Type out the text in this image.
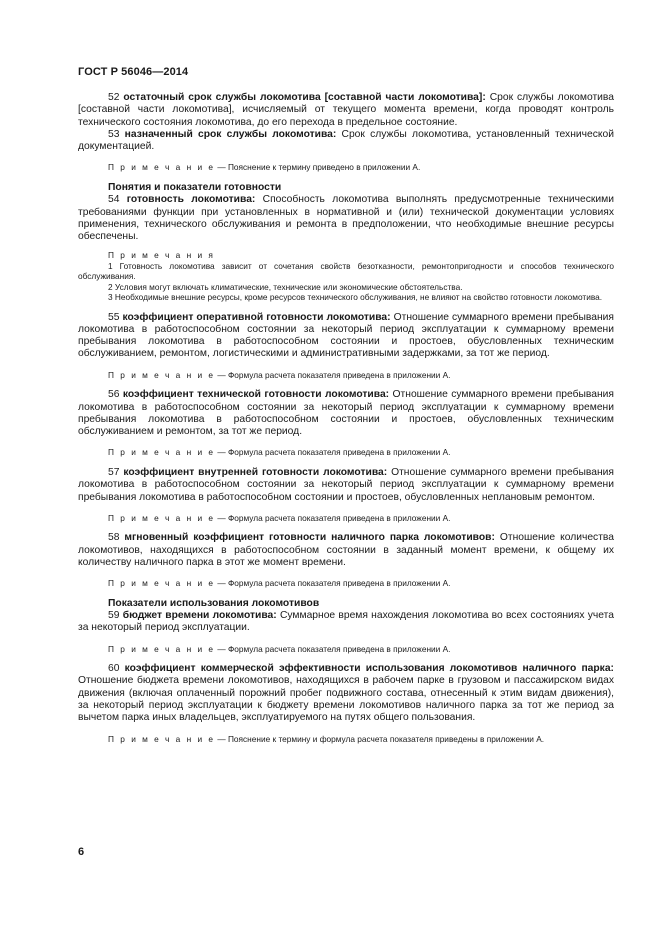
ГОСТ Р 56046—2014

52 остаточный срок службы локомотива [составной части локомотива]: Срок службы локомотива [составной части локомотива], исчисляемый от текущего момента времени, когда проводят контроль технического состояния локомотива, до его перехода в предельное состояние.

53 назначенный срок службы локомотива: Срок службы локомотива, установленный технической документацией.

П р и м е ч а н и е — Пояснение к термину приведено в приложении А.

Понятия и показатели готовности

54 готовность локомотива: Способность локомотива выполнять предусмотренные техническими требованиями функции при установленных в нормативной и (или) технической документации условиях применения, технического обслуживания и ремонта в предположении, что необходимые внешние ресурсы обеспечены.

П р и м е ч а н и я

1 Готовность локомотива зависит от сочетания свойств безотказности, ремонтопригодности и способов технического обслуживания.

2 Условия могут включать климатические, технические или экономические обстоятельства.

3 Необходимые внешние ресурсы, кроме ресурсов технического обслуживания, не влияют на свойство готовности локомотива.

55 коэффициент оперативной готовности локомотива: Отношение суммарного времени пребывания локомотива в работоспособном состоянии за некоторый период эксплуатации к суммарному времени пребывания локомотива в работоспособном состоянии и простоев, обусловленных техническим обслуживанием, ремонтом, логистическими и административными задержками, за тот же период.

П р и м е ч а н и е — Формула расчета показателя приведена в приложении А.

56 коэффициент технической готовности локомотива: Отношение суммарного времени пребывания локомотива в работоспособном состоянии за некоторый период эксплуатации к суммарному времени пребывания локомотива в работоспособном состоянии и простоев, обусловленных техническим обслуживанием и ремонтом, за тот же период.

П р и м е ч а н и е — Формула расчета показателя приведена в приложении А.

57 коэффициент внутренней готовности локомотива: Отношение суммарного времени пребывания локомотива в работоспособном состоянии за некоторый период эксплуатации к суммарному времени пребывания локомотива в работоспособном состоянии и простоев, обусловленных неплановым ремонтом.

П р и м е ч а н и е — Формула расчета показателя приведена в приложении А.

58 мгновенный коэффициент готовности наличного парка локомотивов: Отношение количества локомотивов, находящихся в работоспособном состоянии в заданный момент времени, к общему их количеству наличного парка в этот же момент времени.

П р и м е ч а н и е — Формула расчета показателя приведена в приложении А.

Показатели использования локомотивов

59 бюджет времени локомотива: Суммарное время нахождения локомотива во всех состояниях учета за некоторый период эксплуатации.

П р и м е ч а н и е — Формула расчета показателя приведена в приложении А.

60 коэффициент коммерческой эффективности использования локомотивов наличного парка: Отношение бюджета времени локомотивов, находящихся в рабочем парке в грузовом и пассажирском видах движения (включая оплаченный порожний пробег подвижного состава, отнесенный к этим видам движения), за некоторый период эксплуатации к бюджету времени локомотивов наличного парка за тот же период за вычетом парка иных владельцев, эксплуатируемого на путях общего пользования.

П р и м е ч а н и е — Пояснение к термину и формула расчета показателя приведены в приложении А.

6
